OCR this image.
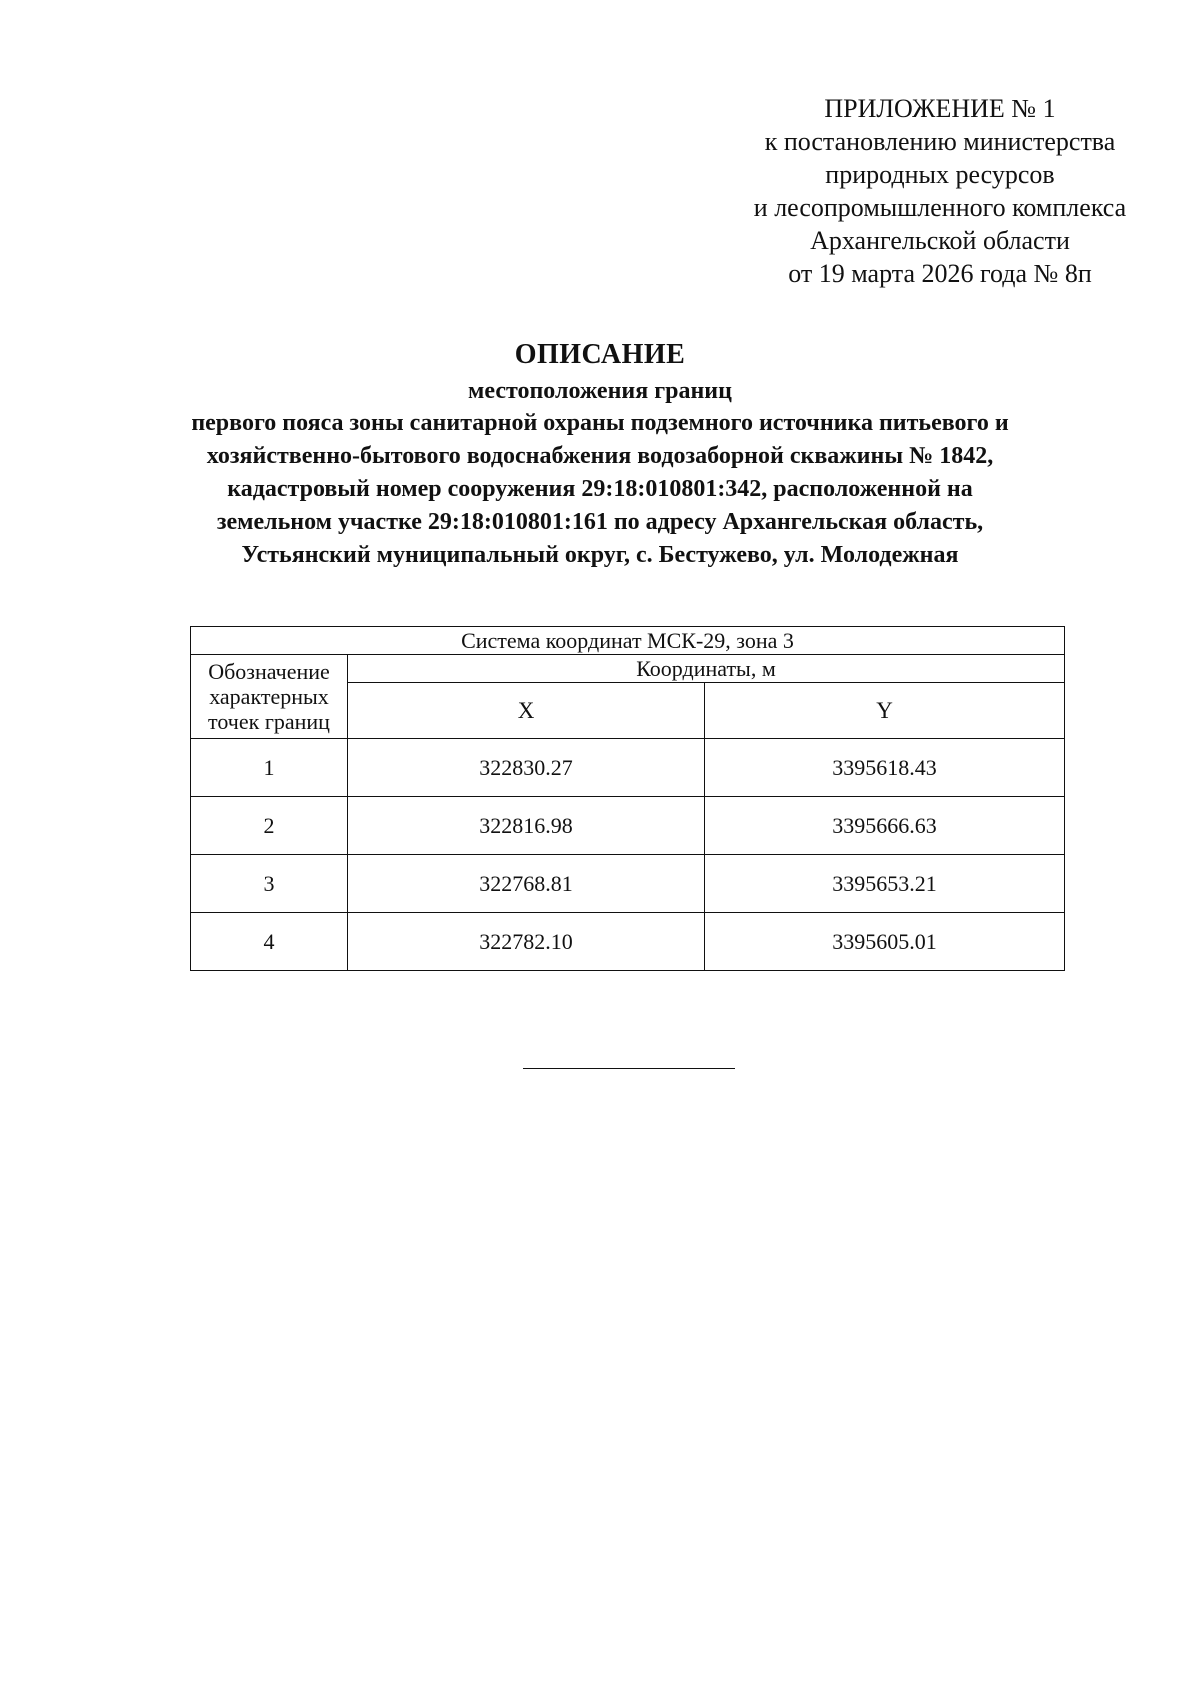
ПРИЛОЖЕНИЕ № 1
к постановлению министерства
природных ресурсов
и лесопромышленного комплекса
Архангельской области
от 19 марта 2026 года № 8п
ОПИСАНИЕ
местоположения границ
первого пояса зоны санитарной охраны подземного источника питьевого и
хозяйственно-бытового водоснабжения водозаборной скважины № 1842,
кадастровый номер сооружения 29:18:010801:342, расположенной на
земельном участке 29:18:010801:161 по адресу Архангельская область,
Устьянский муниципальный округ, с. Бестужево, ул. Молодежная
Система координат МСК-29, зона 3		

Обозначение
характерных
точек границ	Координаты, м	
	X	Y
1	322830.27	3395618.43
2	322816.98	3395666.63
3	322768.81	3395653.21
4	322782.10	3395605.01
